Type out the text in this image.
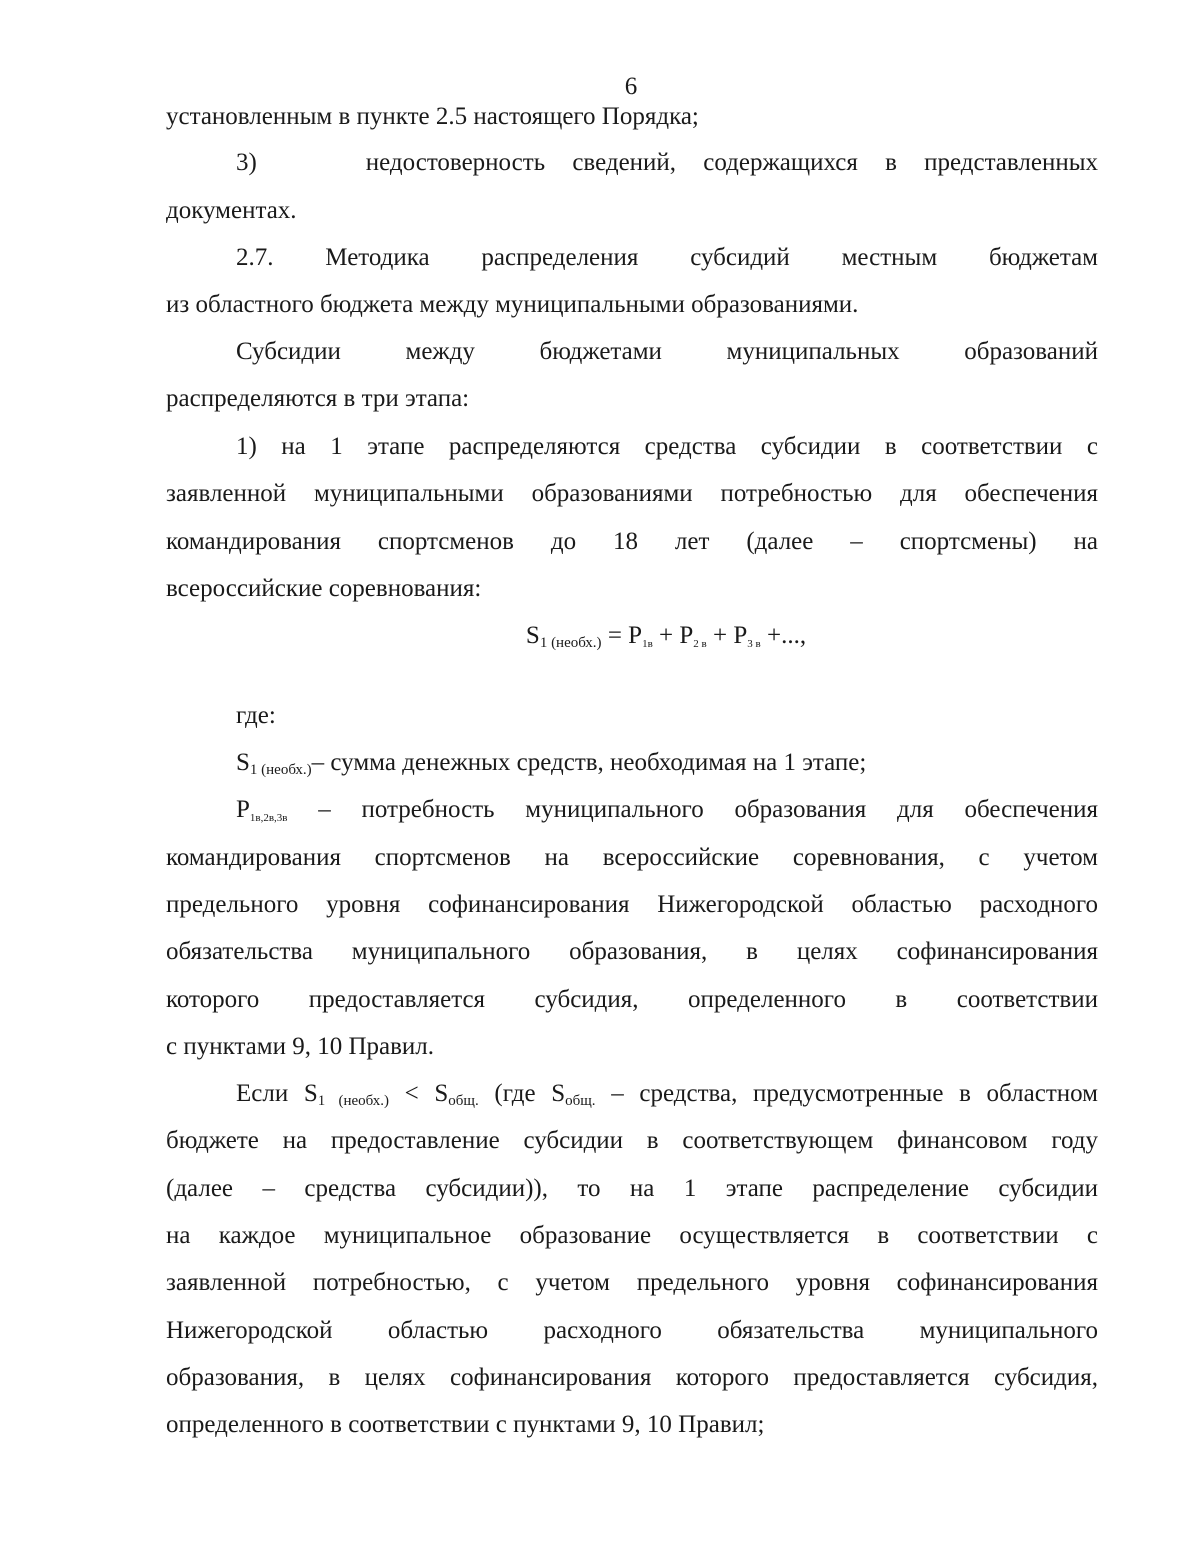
6
установленным в пункте 2.5 настоящего Порядка;
3)    недостоверность сведений, содержащихся в представленных
документах.
2.7. Методика распределения субсидий местным бюджетам
из областного бюджета между муниципальными образованиями.
Субсидии между бюджетами муниципальных образований
распределяются в три этапа:
1) на 1 этапе распределяются средства субсидии в соответствии с
заявленной муниципальными образованиями потребностью для обеспечения
командирования спортсменов до 18 лет (далее – спортсмены) на
всероссийские соревнования:
S1 (необх.) = P1в + P2 в + P3 в +...,
где:
S1 (необх.)– сумма денежных средств, необходимая на 1 этапе;
P1в,2в,3в – потребность муниципального образования для обеспечения
командирования спортсменов на всероссийские соревнования, с учетом
предельного уровня софинансирования Нижегородской областью расходного
обязательства муниципального образования, в целях софинансирования
которого предоставляется субсидия, определенного в соответствии
с пунктами 9, 10 Правил.
Если S1 (необх.) < Sобщ. (где Sобщ. – средства, предусмотренные в областном
бюджете на предоставление субсидии в соответствующем финансовом году
(далее – средства субсидии)), то на 1 этапе распределение субсидии
на каждое муниципальное образование осуществляется в соответствии с
заявленной потребностью, с учетом предельного уровня софинансирования
Нижегородской областью расходного обязательства муниципального
образования, в целях софинансирования которого предоставляется субсидия,
определенного в соответствии с пунктами 9, 10 Правил;
